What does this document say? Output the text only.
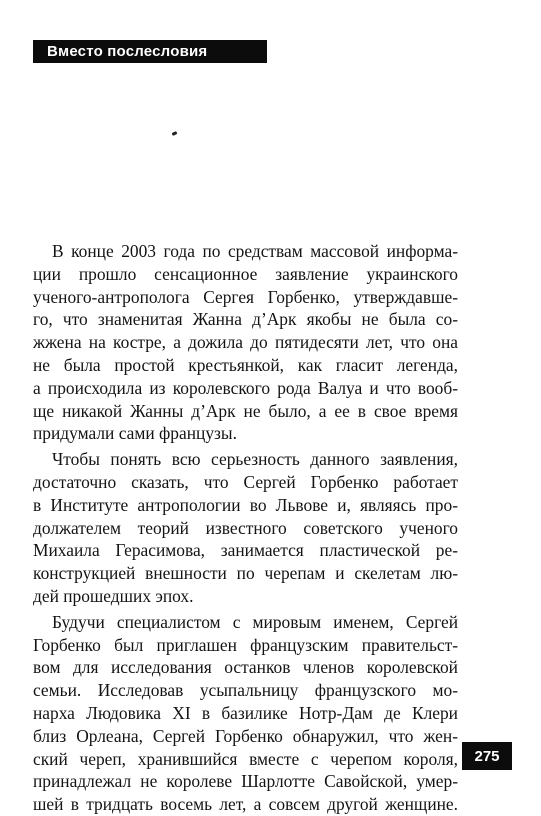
Вместо послесловия
В конце 2003 года по средствам массовой информа-
ции прошло сенсационное заявление украинского
ученого-антрополога Сергея Горбенко, утверждавше-
го, что знаменитая Жанна д’Арк якобы не была со-
жжена на костре, а дожила до пятидесяти лет, что она
не была простой крестьянкой, как гласит легенда,
а происходила из королевского рода Валуа и что вооб-
ще никакой Жанны д’Арк не было, а ее в свое время
придумали сами французы.
Чтобы понять всю серьезность данного заявления,
достаточно сказать, что Сергей Горбенко работает
в Институте антропологии во Львове и, являясь про-
должателем теорий известного советского ученого
Михаила Герасимова, занимается пластической ре-
конструкцией внешности по черепам и скелетам лю-
дей прошедших эпох.
Будучи специалистом с мировым именем, Сергей
Горбенко был приглашен французским правительст-
вом для исследования останков членов королевской
семьи. Исследовав усыпальницу французского мо-
нарха Людовика XI в базилике Нотр-Дам де Клери
близ Орлеана, Сергей Горбенко обнаружил, что жен-
ский череп, хранившийся вместе с черепом короля,
принадлежал не королеве Шарлотте Савойской, умер-
шей в тридцать восемь лет, а совсем другой женщине.
275
